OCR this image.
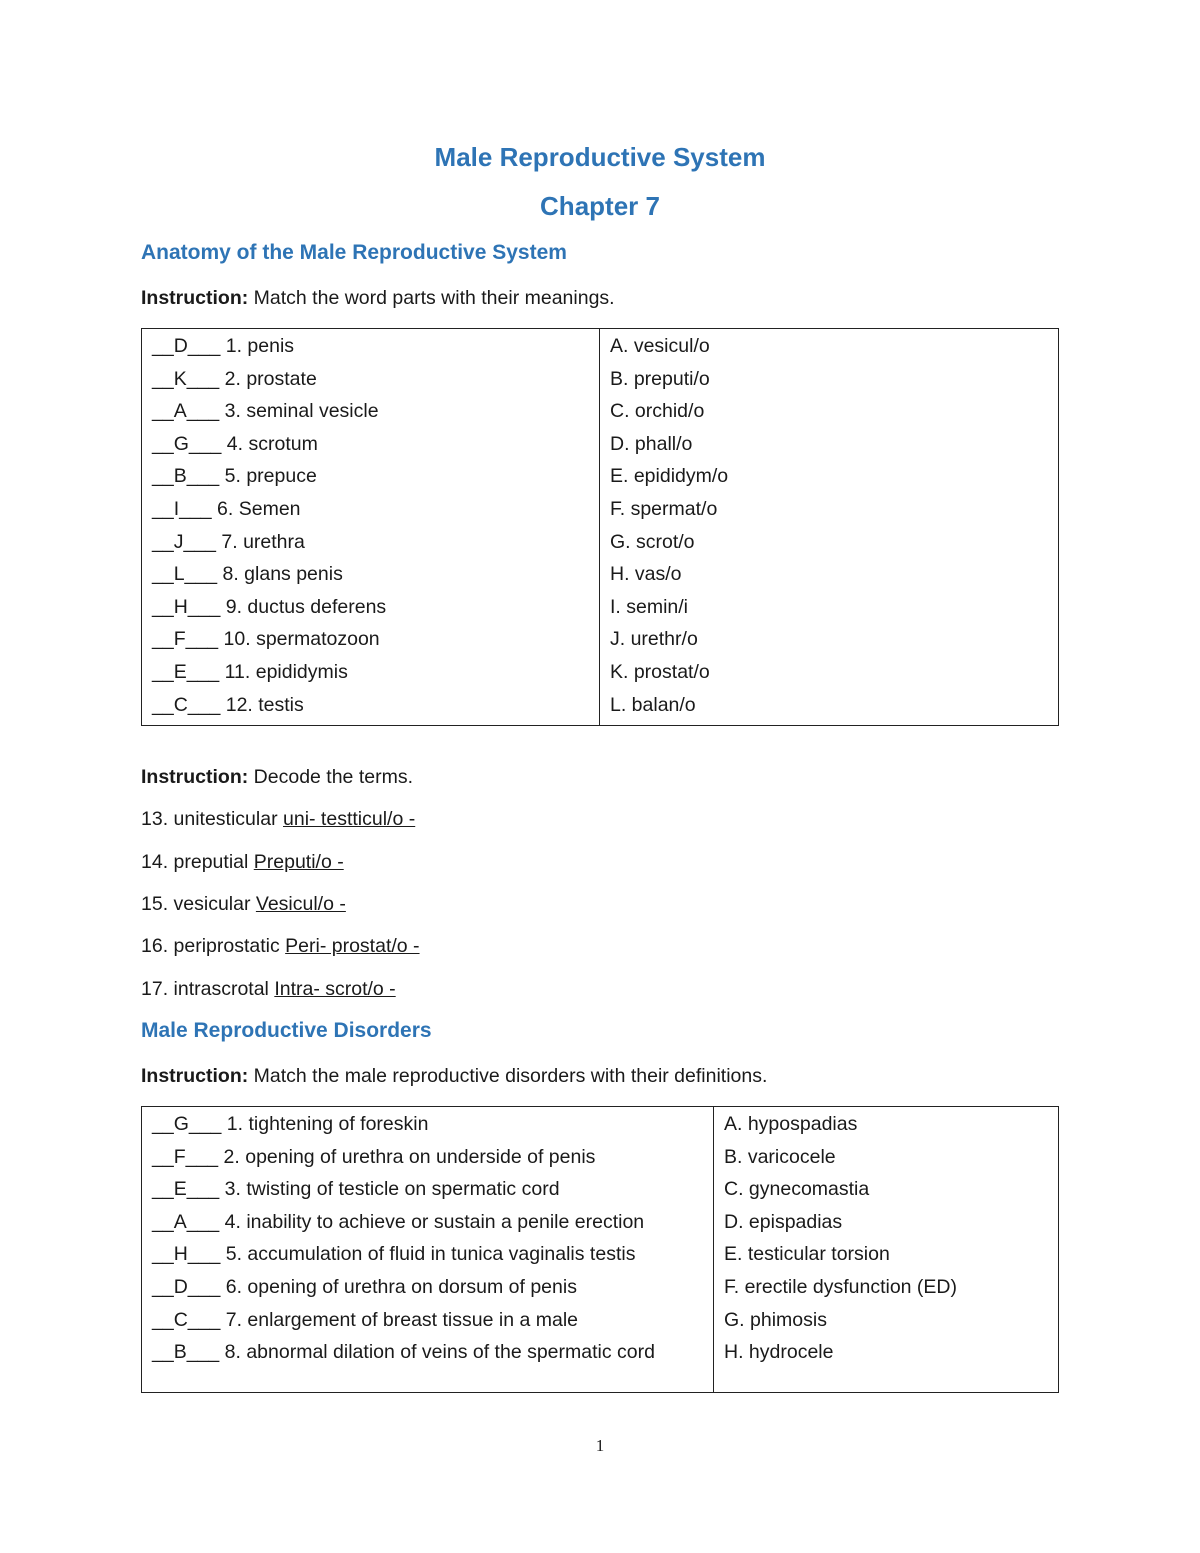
Male Reproductive System
Chapter 7
Anatomy of the Male Reproductive System
Instruction: Match the word parts with their meanings.
__D___ 1. penis
__K___ 2. prostate
__A___ 3. seminal vesicle
__G___ 4. scrotum
__B___ 5. prepuce
__I___ 6. Semen
__J___ 7. urethra
__L___ 8. glans penis
__H___ 9. ductus deferens
__F___ 10. spermatozoon
__E___ 11. epididymis
__C___ 12. testis

A. vesicul/o
B. preputi/o
C. orchid/o
D. phall/o
E. epididym/o
F. spermat/o
G. scrot/o
H. vas/o
I. semin/i
J. urethr/o
K. prostat/o
L. balan/o
Instruction: Decode the terms.
13. unitesticular uni- testticul/o -
14. preputial Preputi/o -
15. vesicular Vesicul/o -
16. periprostatic Peri- prostat/o -
17. intrascrotal Intra- scrot/o -
Male Reproductive Disorders
Instruction: Match the male reproductive disorders with their definitions.
__G___ 1. tightening of foreskin
__F___ 2. opening of urethra on underside of penis
__E___ 3. twisting of testicle on spermatic cord
__A___ 4. inability to achieve or sustain a penile erection
__H___ 5. accumulation of fluid in tunica vaginalis testis
__D___ 6. opening of urethra on dorsum of penis
__C___ 7. enlargement of breast tissue in a male
__B___ 8. abnormal dilation of veins of the spermatic cord

A. hypospadias
B. varicocele
C. gynecomastia
D. epispadias
E. testicular torsion
F. erectile dysfunction (ED)
G. phimosis
H. hydrocele
1
